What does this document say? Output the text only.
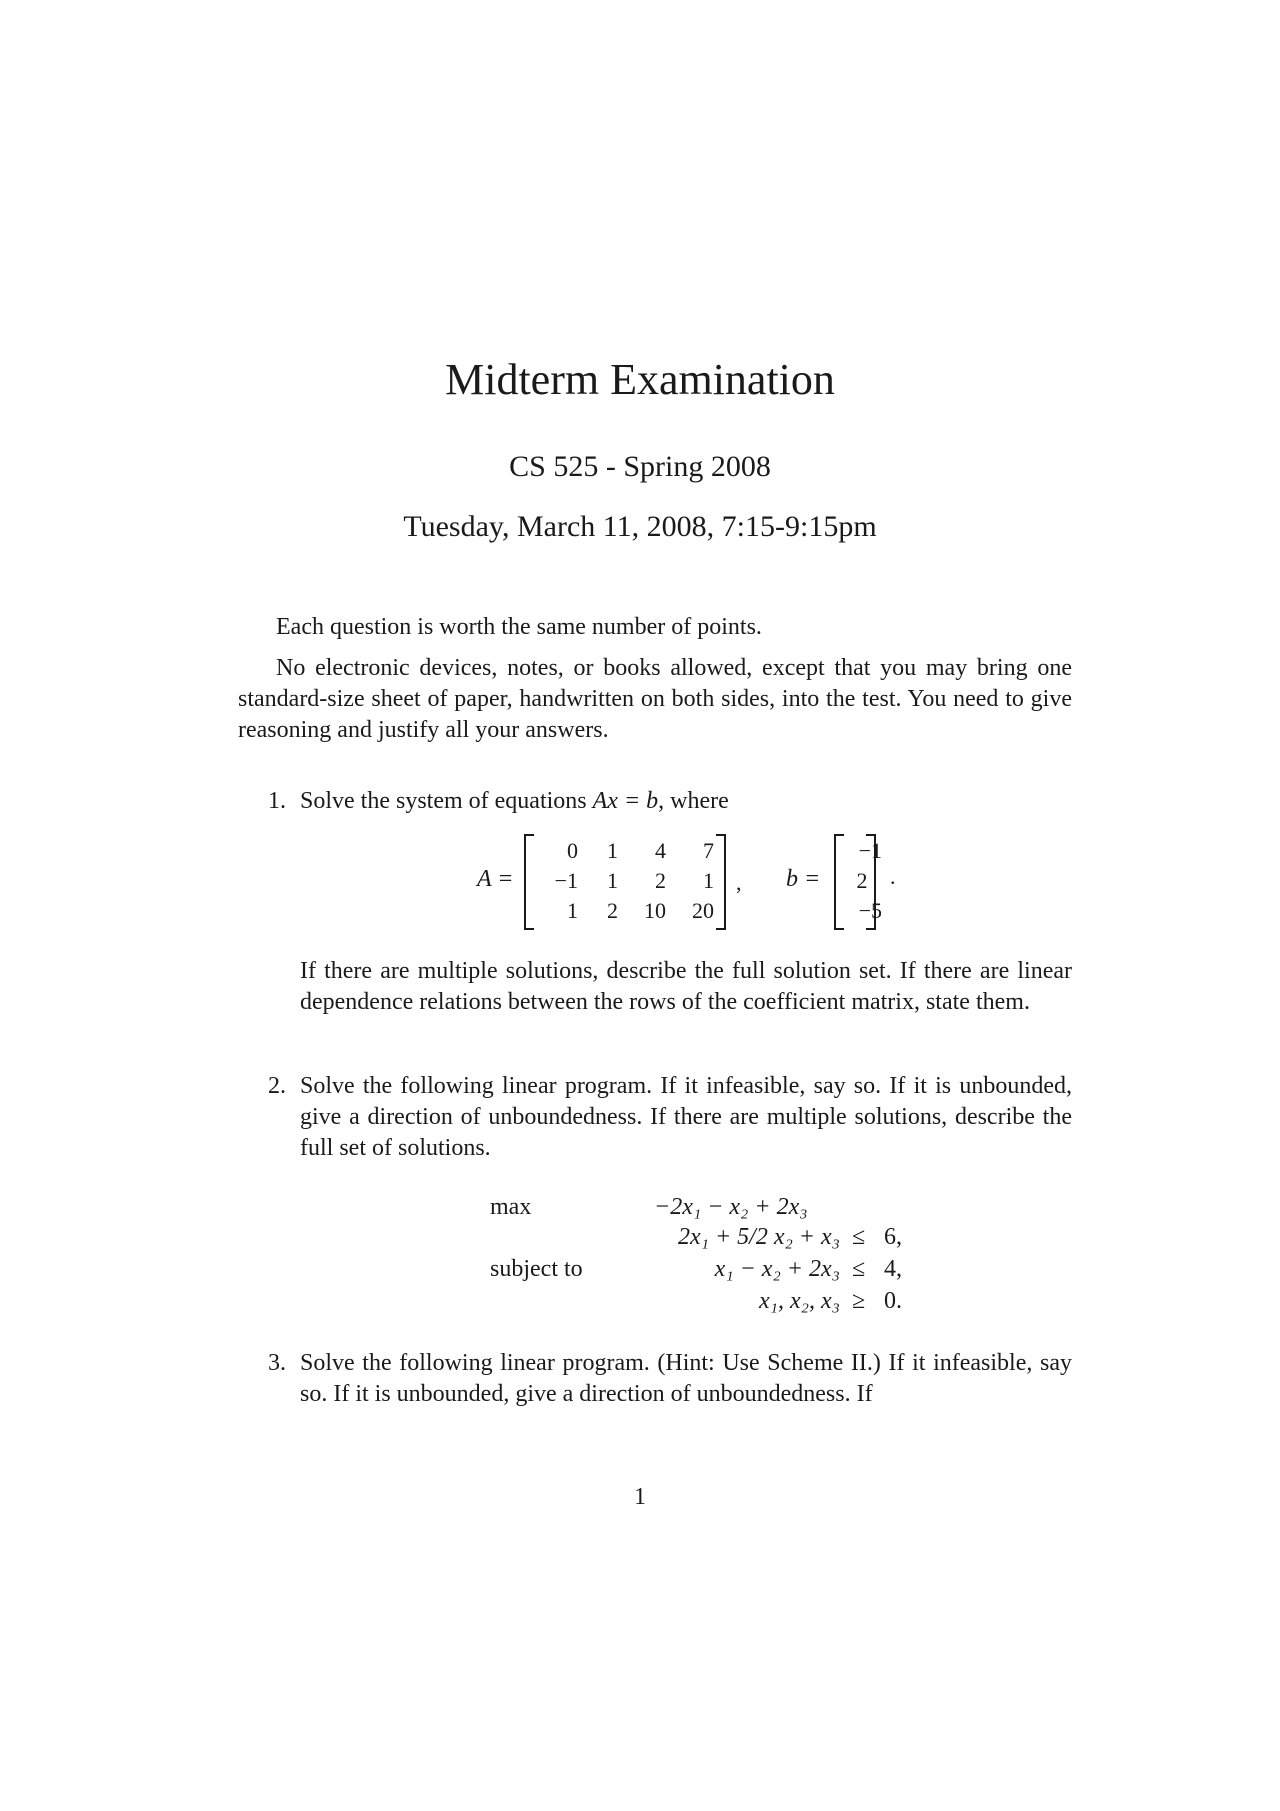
Midterm Examination
CS 525 - Spring 2008
Tuesday, March 11, 2008, 7:15-9:15pm
Each question is worth the same number of points.
No electronic devices, notes, or books allowed, except that you may bring one standard-size sheet of paper, handwritten on both sides, into the test. You need to give reasoning and justify all your answers.
1. Solve the system of equations Ax = b, where
A =
0	1	4	7
−1	1	2	1
1	2	10	20
, b =
−1
2
−5
.
If there are multiple solutions, describe the full solution set. If there are linear dependence relations between the rows of the coefficient matrix, state them.
2. Solve the following linear program. If it infeasible, say so. If it is unbounded, give a direction of unboundedness. If there are multiple solutions, describe the full set of solutions.
max
subject to
−2x₁ − x₂ + 2x₃
2x₁ + 5/2 x₂ + x₃ ≤ 6,
x₁ − x₂ + 2x₃ ≤ 4,
x₁, x₂, x₃ ≥ 0.
3. Solve the following linear program. (Hint: Use Scheme II.) If it infeasible, say so. If it is unbounded, give a direction of unboundedness. If
1
